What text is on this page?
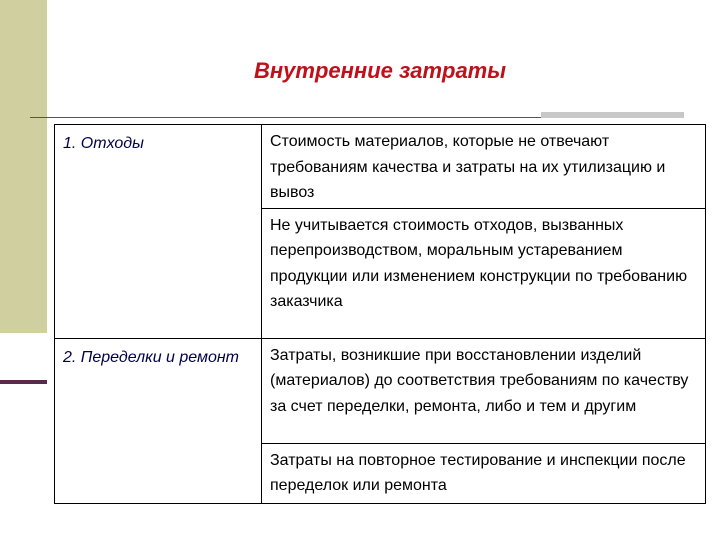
Внутренние затраты
1. Отходы	Стоимость материалов, которые не отвечают требованиям качества и затраты на их утилизацию и вывоз
	Не учитывается стоимость отходов, вызванных перепроизводством, моральным устареванием продукции или изменением конструкции по требованию заказчика
2. Переделки и ремонт	Затраты, возникшие при восстановлении изделий (материалов) до соответствия требованиям по качеству за счет переделки, ремонта, либо и тем и другим
	Затраты на повторное тестирование и инспекции после переделок или ремонта
